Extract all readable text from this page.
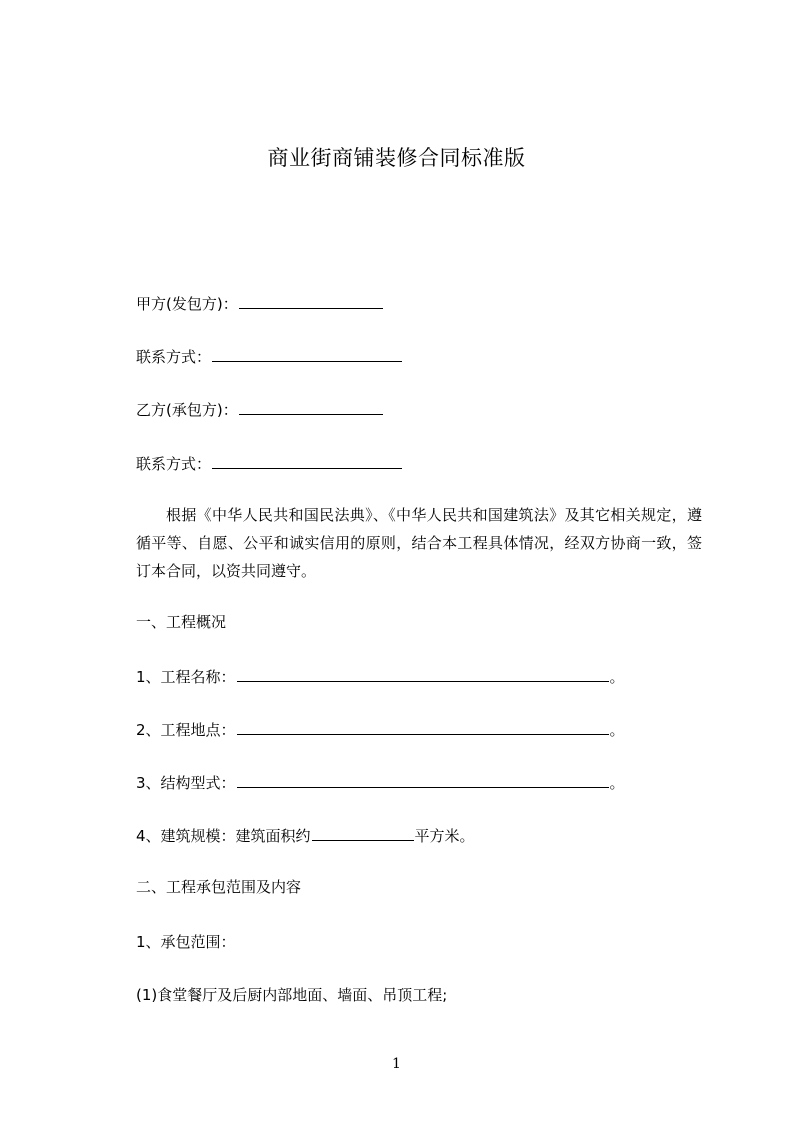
商业街商铺装修合同标准版
甲方(发包方)：
联系方式：
乙方(承包方)：
联系方式：
根据《中华人民共和国民法典》、《中华人民共和国建筑法》及其它相关规定，遵循平等、自愿、公平和诚实信用的原则，结合本工程具体情况，经双方协商一致，签订本合同，以资共同遵守。
一、工程概况
1、工程名称：	。
2、工程地点：	。
3、结构型式：	。
4、建筑规模：建筑面积约	平方米。
二、工程承包范围及内容
1、承包范围：
(1)食堂餐厅及后厨内部地面、墙面、吊顶工程;
1
